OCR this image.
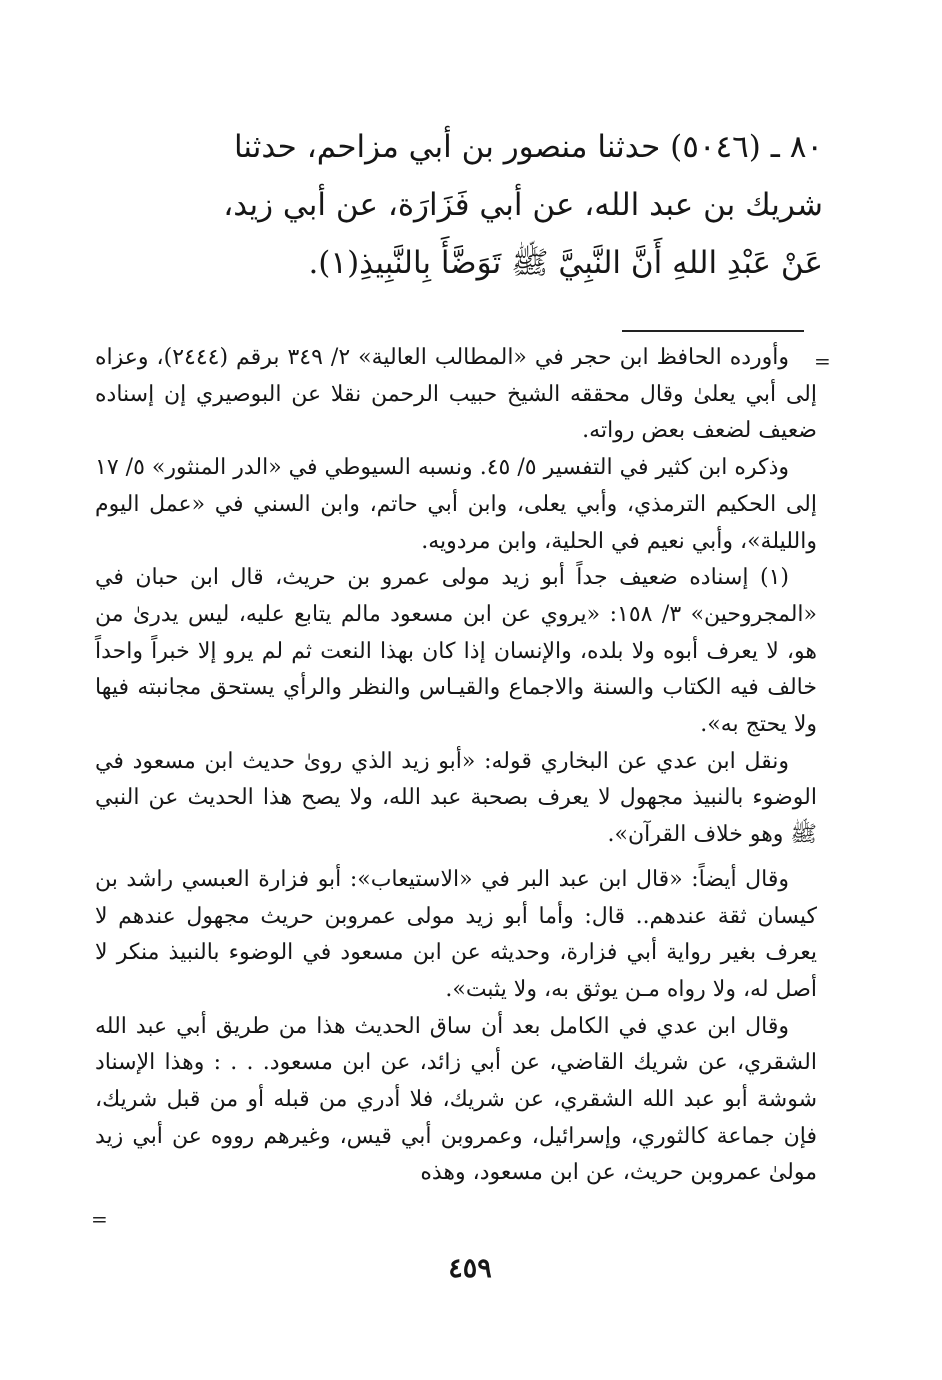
٨٠ ـ (٥٠٤٦) حدثنا منصور بن أبي مزاحم، حدثنا

شريك بن عبد الله، عن أبي فَزَارَة، عن أبي زيد،

عَنْ عَبْدِ اللهِ أَنَّ النَّبِيَّ ﷺ تَوَضَّأَ بِالنَّبِيذِ(١).

=

وأورده الحافظ ابن حجر في «المطالب العالية» ٢/ ٣٤٩ برقم (٢٤٤٤)، وعزاه إلى أبي يعلىٰ وقال محققه الشيخ حبيب الرحمن نقلا عن البوصيري إن إسناده ضعيف لضعف بعض رواته.

وذكره ابن كثير في التفسير ٥/ ٤٥. ونسبه السيوطي في «الدر المنثور» ٥/ ١٧ إلى الحكيم الترمذي، وأبي يعلى، وابن أبي حاتم، وابن السني في «عمل اليوم والليلة»، وأبي نعيم في الحلية، وابن مردويه.

(١) إسناده ضعيف جداً أبو زيد مولى عمرو بن حريث، قال ابن حبان في «المجروحين» ٣/ ١٥٨: «يروي عن ابن مسعود مالم يتابع عليه، ليس يدرىٰ من هو، لا يعرف أبوه ولا بلده، والإنسان إذا كان بهذا النعت ثم لم يرو إلا خبراً واحداً خالف فيه الكتاب والسنة والاجماع والقيـاس والنظر والرأي يستحق مجانبته فيها ولا يحتج به».

ونقل ابن عدي عن البخاري قوله: «أبو زيد الذي روىٰ حديث ابن مسعود في الوضوء بالنبيذ مجهول لا يعرف بصحبة عبد الله، ولا يصح هذا الحديث عن النبي ﷺ وهو خلاف القرآن».

وقال أيضاً: «قال ابن عبد البر في «الاستيعاب»: أبو فزارة العبسي راشد بن كيسان ثقة عندهم.. قال: وأما أبو زيد مولى عمروبن حريث مجهول عندهم لا يعرف بغير رواية أبي فزارة، وحديثه عن ابن مسعود في الوضوء بالنبيذ منكر لا أصل له، ولا رواه مـن يوثق به، ولا يثبت».

وقال ابن عدي في الكامل بعد أن ساق الحديث هذا من طريق أبي عبد الله الشقري، عن شريك القاضي، عن أبي زائد، عن ابن مسعود. . . : وهذا الإسناد شوشة أبو عبد الله الشقري، عن شريك، فلا أدري من قبله أو من قبل شريك، فإن جماعة كالثوري، وإسرائيل، وعمروبن أبي قيس، وغيرهم رووه عن أبي زيد مولىٰ عمروبن حريث، عن ابن مسعود، وهذه

=
٤٥٩
